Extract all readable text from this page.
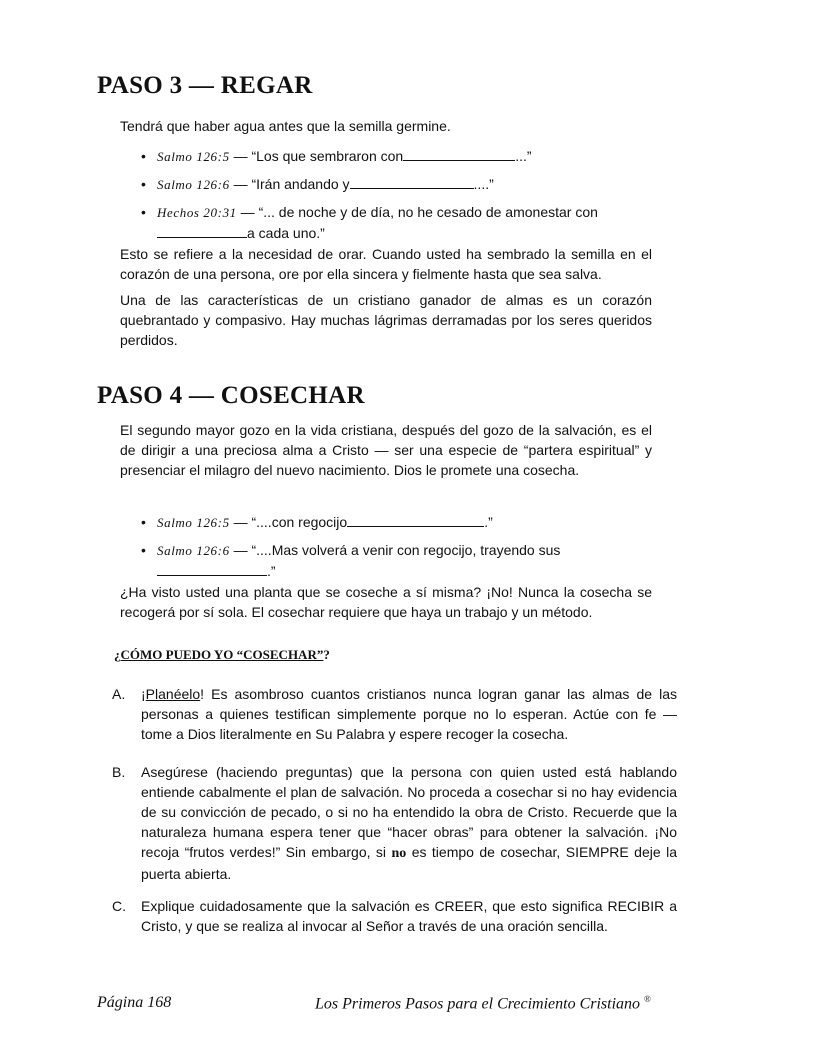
PASO 3 — REGAR
Tendrá que haber agua antes que la semilla germine.
• Salmo 126:5 — “Los que sembraron con	...”
• Salmo 126:6 — “Irán andando y	....”
• Hechos 20:31 — “... de noche y de día, no he cesado de amonestar cona cada uno.”
Esto se refiere a la necesidad de orar. Cuando usted ha sembrado la semilla en el corazón de una persona, ore por ella sincera y fielmente hasta que sea salva.
Una de las características de un cristiano ganador de almas es un corazón quebrantado y compasivo. Hay muchas lágrimas derramadas por los seres queridos perdidos.
PASO 4 — COSECHAR
El segundo mayor gozo en la vida cristiana, después del gozo de la salvación, es el de dirigir a una preciosa alma a Cristo — ser una especie de “partera espiritual” y presenciar el milagro del nuevo nacimiento. Dios le promete una cosecha.
• Salmo 126:5 — “....con regocijo	.”
• Salmo 126:6 — “....Mas volverá a venir con regocijo, trayendo sus .”
¿Ha visto usted una planta que se coseche a sí misma? ¡No! Nunca la cosecha se recogerá por sí sola. El cosechar requiere que haya un trabajo y un método.
¿CÓMO PUEDO YO “COSECHAR”?
A. ¡Planéelo! Es asombroso cuantos cristianos nunca logran ganar las almas de las personas a quienes testifican simplemente porque no lo esperan. Actúe con fe — tome a Dios literalmente en Su Palabra y espere recoger la cosecha.
B. Asegúrese (haciendo preguntas) que la persona con quien usted está hablando entiende cabalmente el plan de salvación. No proceda a cosechar si no hay evidencia de su convicción de pecado, o si no ha entendido la obra de Cristo. Recuerde que la naturaleza humana espera tener que “hacer obras” para obtener la salvación. ¡No recoja “frutos verdes!” Sin embargo, si no es tiempo de cosechar, SIEMPRE deje la puerta abierta.
C. Explique cuidadosamente que la salvación es CREER, que esto significa RECIBIR a Cristo, y que se realiza al invocar al Señor a través de una oración sencilla.
Página 168	Los Primeros Pasos para el Crecimiento Cristiano ®
